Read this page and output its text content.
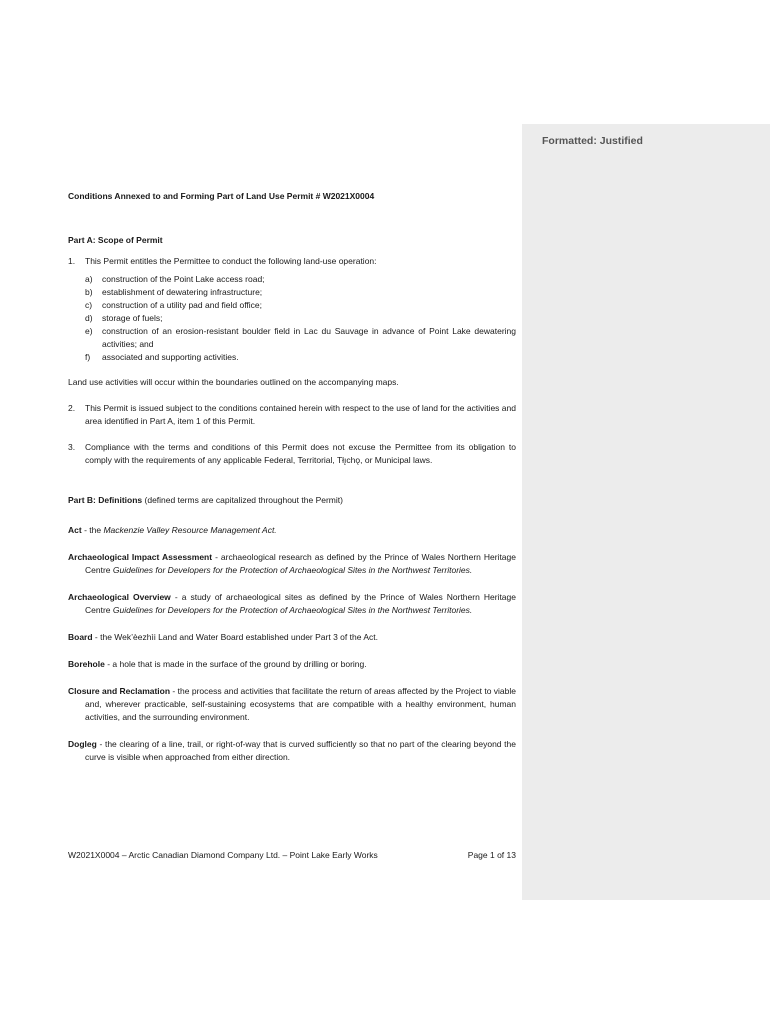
Formatted: Justified

Conditions Annexed to and Forming Part of Land Use Permit # W2021X0004

Part A: Scope of Permit

1.	This Permit entitles the Permittee to conduct the following land-use operation:
a)	construction of the Point Lake access road;
b)	establishment of dewatering infrastructure;
c)	construction of a utility pad and field office;
d)	storage of fuels;
e)	construction of an erosion-resistant boulder field in Lac du Sauvage in advance of Point Lake dewatering activities; and
f)	associated and supporting activities.

Land use activities will occur within the boundaries outlined on the accompanying maps.

2.	This Permit is issued subject to the conditions contained herein with respect to the use of land for the activities and area identified in Part A, item 1 of this Permit.
3.	Compliance with the terms and conditions of this Permit does not excuse the Permittee from its obligation to comply with the requirements of any applicable Federal, Territorial, Tłı̨chǫ, or Municipal laws.

Part B: Definitions (defined terms are capitalized throughout the Permit)

Act - the Mackenzie Valley Resource Management Act.

Archaeological Impact Assessment - archaeological research as defined by the Prince of Wales Northern Heritage Centre Guidelines for Developers for the Protection of Archaeological Sites in the Northwest Territories.

Archaeological Overview - a study of archaeological sites as defined by the Prince of Wales Northern Heritage Centre Guidelines for Developers for the Protection of Archaeological Sites in the Northwest Territories.

Board - the Wek’èezhìi Land and Water Board established under Part 3 of the Act.

Borehole - a hole that is made in the surface of the ground by drilling or boring.

Closure and Reclamation - the process and activities that facilitate the return of areas affected by the Project to viable and, wherever practicable, self-sustaining ecosystems that are compatible with a healthy environment, human activities, and the surrounding environment.

Dogleg - the clearing of a line, trail, or right-of-way that is curved sufficiently so that no part of the clearing beyond the curve is visible when approached from either direction.

W2021X0004 – Arctic Canadian Diamond Company Ltd. – Point Lake Early Works	Page 1 of 13
